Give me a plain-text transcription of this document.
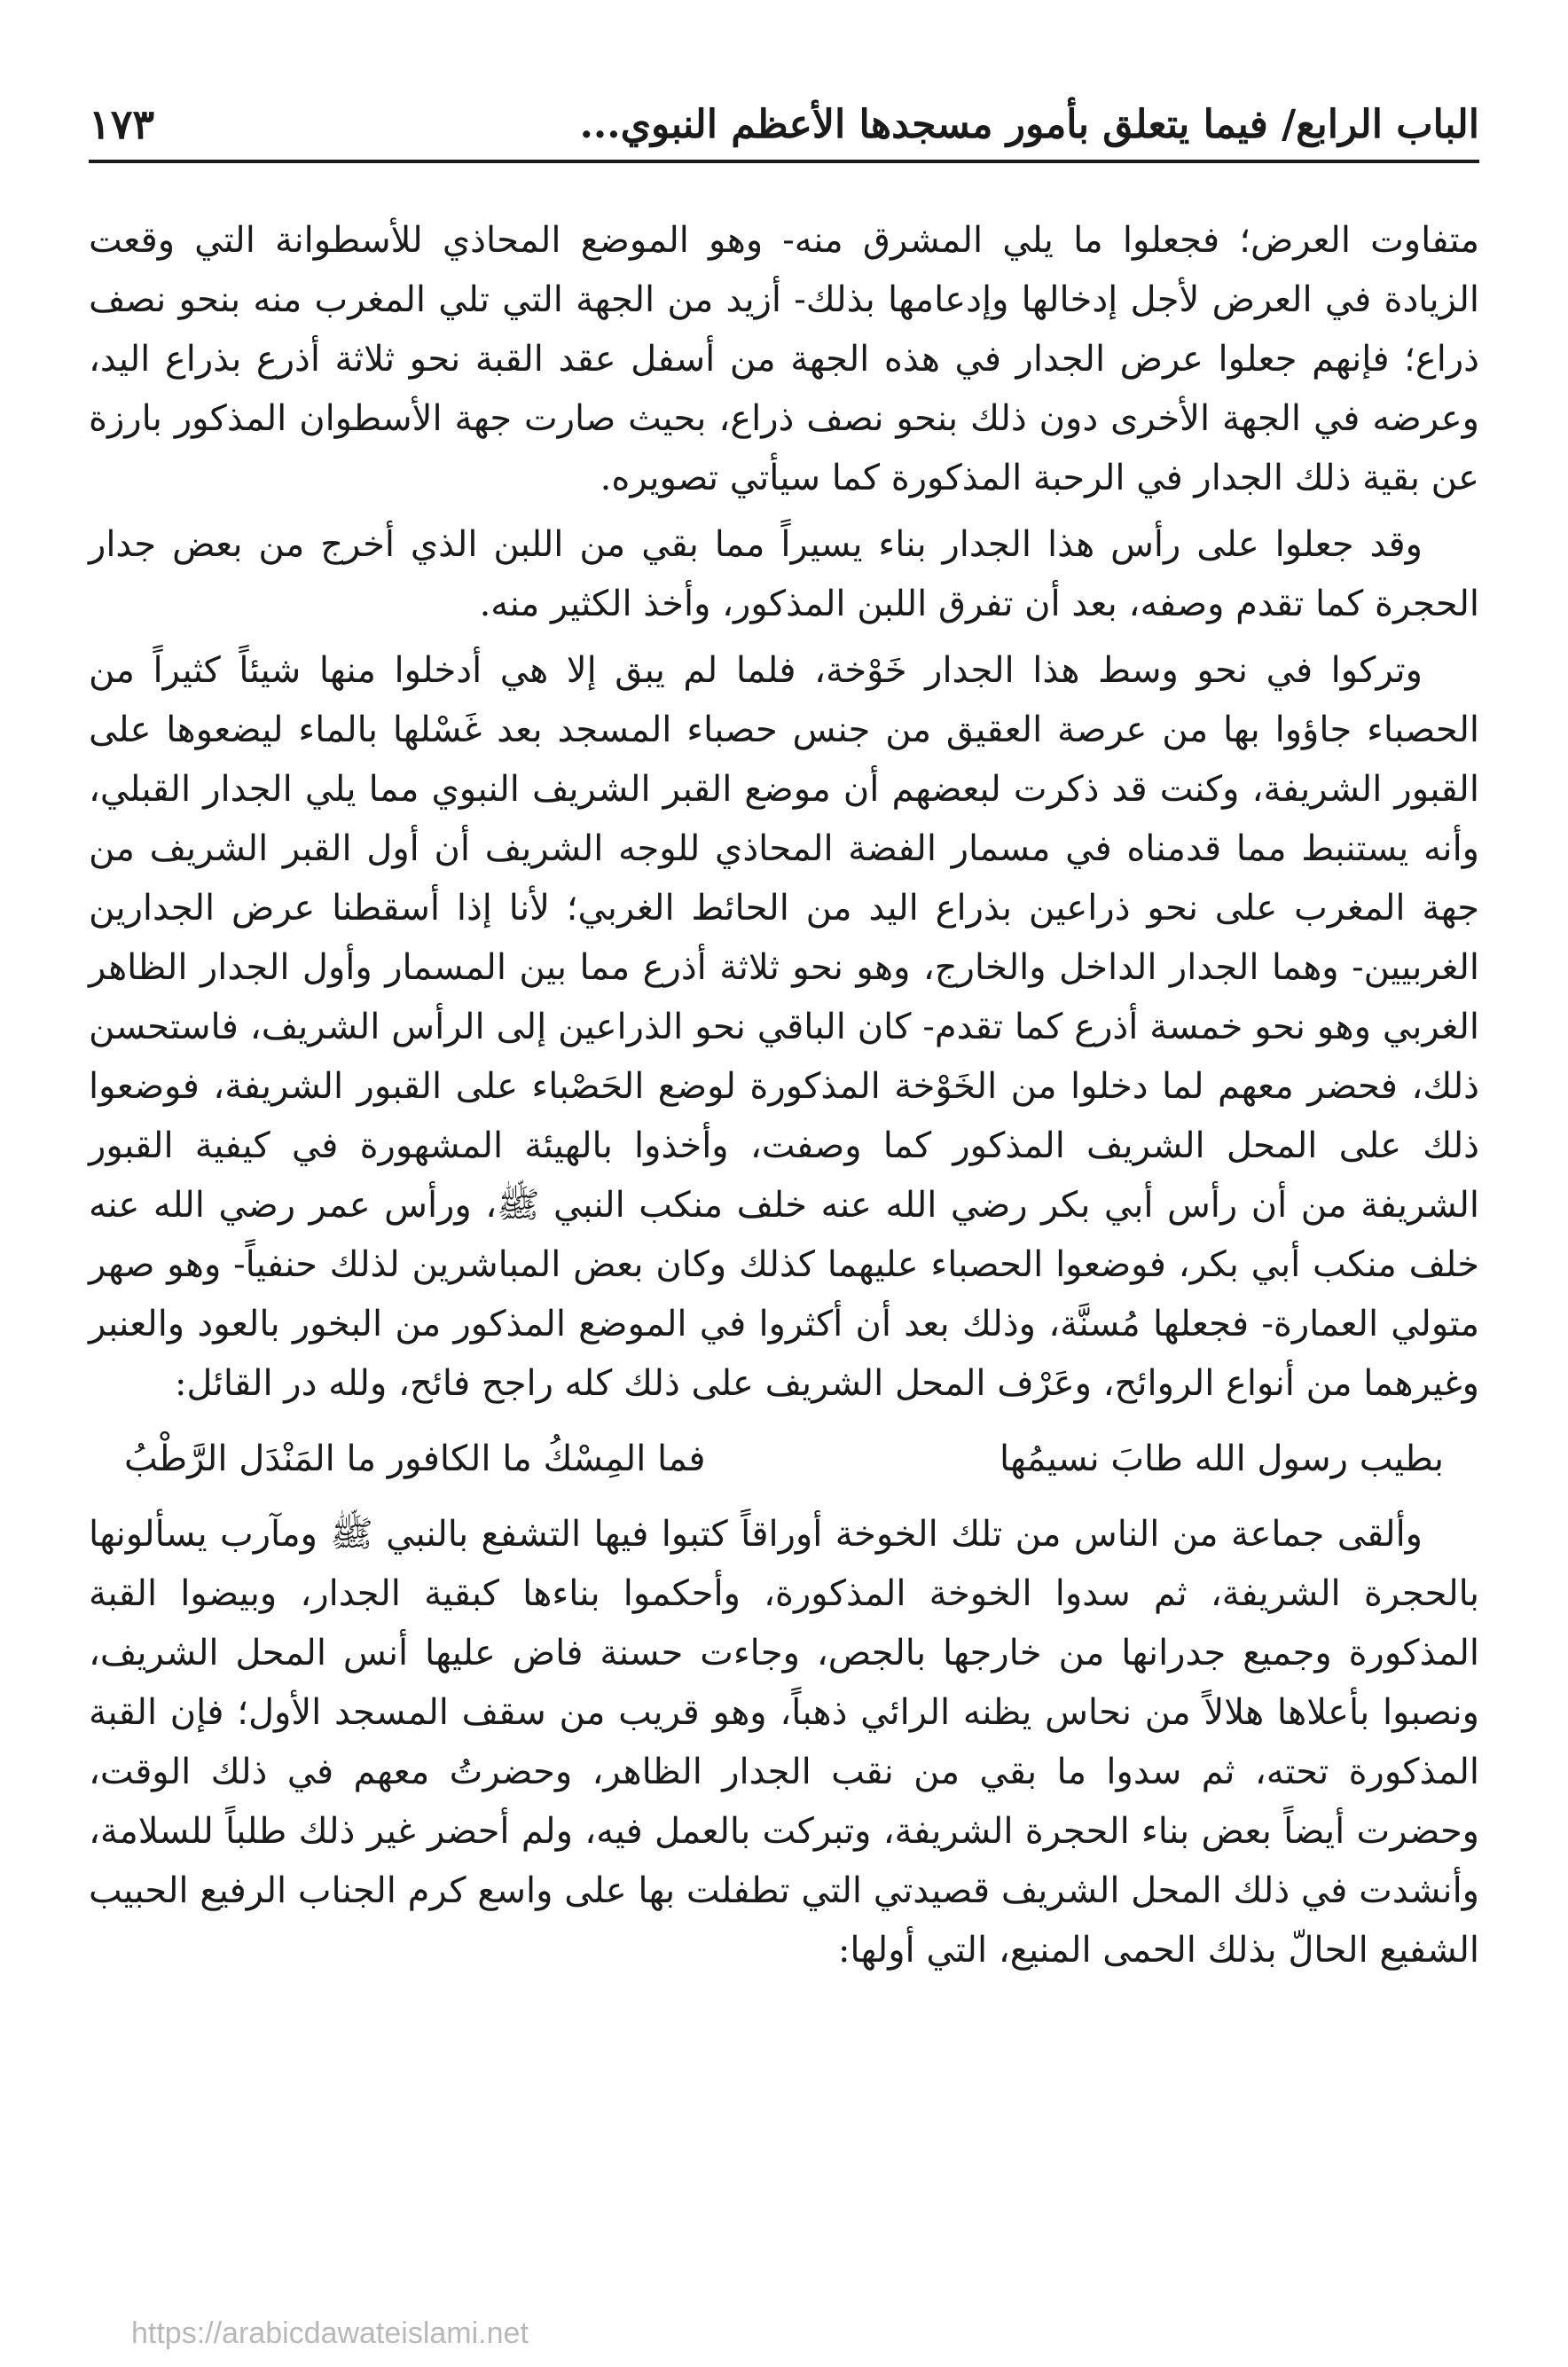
الباب الرابع/ فيما يتعلق بأمور مسجدها الأعظم النبوي...
١٧٣

متفاوت العرض؛ فجعلوا ما يلي المشرق منه- وهو الموضع المحاذي للأسطوانة التي وقعت الزيادة في العرض لأجل إدخالها وإدعامها بذلك- أزيد من الجهة التي تلي المغرب منه بنحو نصف ذراع؛ فإنهم جعلوا عرض الجدار في هذه الجهة من أسفل عقد القبة نحو ثلاثة أذرع بذراع اليد، وعرضه في الجهة الأخرى دون ذلك بنحو نصف ذراع، بحيث صارت جهة الأسطوان المذكور بارزة عن بقية ذلك الجدار في الرحبة المذكورة كما سيأتي تصويره.

وقد جعلوا على رأس هذا الجدار بناء يسيراً مما بقي من اللبن الذي أخرج من بعض جدار الحجرة كما تقدم وصفه، بعد أن تفرق اللبن المذكور، وأخذ الكثير منه.

وتركوا في نحو وسط هذا الجدار خَوْخة، فلما لم يبق إلا هي أدخلوا منها شيئاً كثيراً من الحصباء جاؤوا بها من عرصة العقيق من جنس حصباء المسجد بعد غَسْلها بالماء ليضعوها على القبور الشريفة، وكنت قد ذكرت لبعضهم أن موضع القبر الشريف النبوي مما يلي الجدار القبلي، وأنه يستنبط مما قدمناه في مسمار الفضة المحاذي للوجه الشريف أن أول القبر الشريف من جهة المغرب على نحو ذراعين بذراع اليد من الحائط الغربي؛ لأنا إذا أسقطنا عرض الجدارين الغربيين- وهما الجدار الداخل والخارج، وهو نحو ثلاثة أذرع مما بين المسمار وأول الجدار الظاهر الغربي وهو نحو خمسة أذرع كما تقدم- كان الباقي نحو الذراعين إلى الرأس الشريف، فاستحسن ذلك، فحضر معهم لما دخلوا من الخَوْخة المذكورة لوضع الحَصْباء على القبور الشريفة، فوضعوا ذلك على المحل الشريف المذكور كما وصفت، وأخذوا بالهيئة المشهورة في كيفية القبور الشريفة من أن رأس أبي بكر رضي الله عنه خلف منكب النبي ﷺ، ورأس عمر رضي الله عنه خلف منكب أبي بكر، فوضعوا الحصباء عليهما كذلك وكان بعض المباشرين لذلك حنفياً- وهو صهر متولي العمارة- فجعلها مُسنَّة، وذلك بعد أن أكثروا في الموضع المذكور من البخور بالعود والعنبر وغيرهما من أنواع الروائح، وعَرْف المحل الشريف على ذلك كله راجح فائح، ولله در القائل:

بطيب رسول الله طابَ نسيمُها
فما المِسْكُ ما الكافور ما المَنْدَل الرَّطْبُ

وألقى جماعة من الناس من تلك الخوخة أوراقاً كتبوا فيها التشفع بالنبي ﷺ ومآرب يسألونها بالحجرة الشريفة، ثم سدوا الخوخة المذكورة، وأحكموا بناءها كبقية الجدار، وبيضوا القبة المذكورة وجميع جدرانها من خارجها بالجص، وجاءت حسنة فاض عليها أنس المحل الشريف، ونصبوا بأعلاها هلالاً من نحاس يظنه الرائي ذهباً، وهو قريب من سقف المسجد الأول؛ فإن القبة المذكورة تحته، ثم سدوا ما بقي من نقب الجدار الظاهر، وحضرتُ معهم في ذلك الوقت، وحضرت أيضاً بعض بناء الحجرة الشريفة، وتبركت بالعمل فيه، ولم أحضر غير ذلك طلباً للسلامة، وأنشدت في ذلك المحل الشريف قصيدتي التي تطفلت بها على واسع كرم الجناب الرفيع الحبيب الشفيع الحالّ بذلك الحمى المنيع، التي أولها:

https://arabicdawateislami.net
